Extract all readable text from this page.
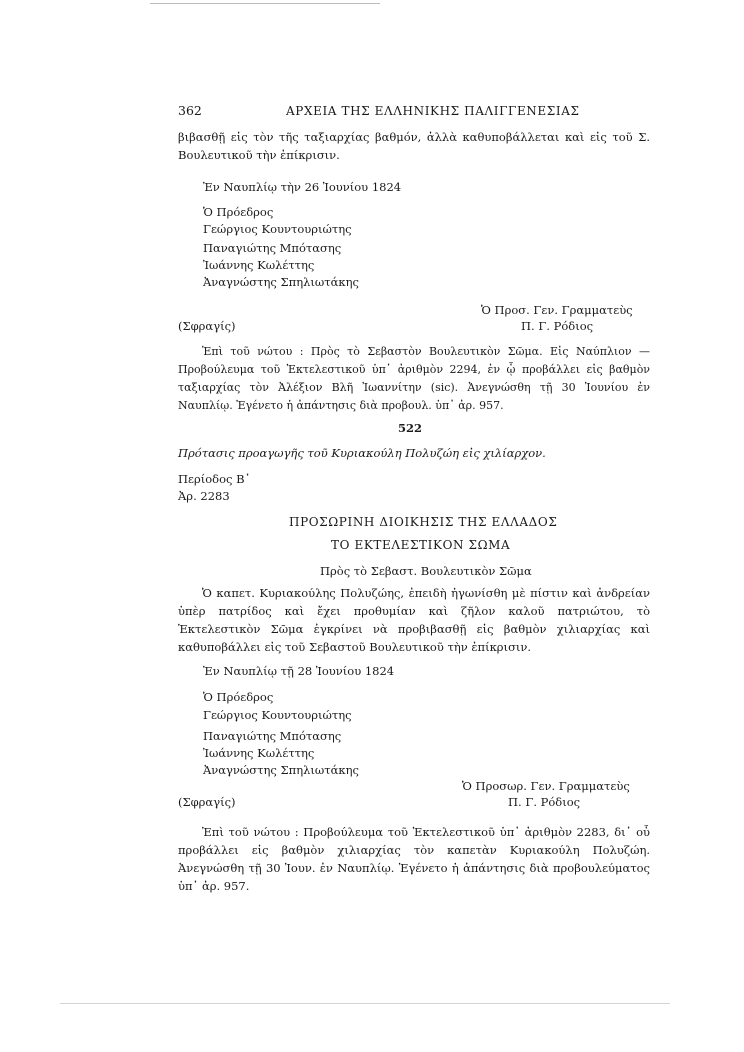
362	ΑΡΧΕΙΑ ΤΗΣ ΕΛΛΗΝΙΚΗΣ ΠΑΛΙΓΓΕΝΕΣΙΑΣ
βιβασθῇ εἰς τὸν τῆς ταξιαρχίας βαθμόν, ἀλλὰ καθυποβάλλεται καὶ εἰς τοῦ Σ. Βουλευτικοῦ τὴν ἐπίκρισιν.
Ἐν Ναυπλίῳ τὴν 26 Ἰουνίου 1824
Ὁ Πρόεδρος
Γεώργιος Κουντουριώτης
Παναγιώτης Μπότασης
Ἰωάννης Κωλέττης
Ἀναγνώστης Σπηλιωτάκης
Ὁ Προσ. Γεν. Γραμματεὺς
(Σφραγίς)	Π. Γ. Ρόδιος
Ἐπὶ τοῦ νώτου : Πρὸς τὸ Σεβαστὸν Βουλευτικὸν Σῶμα. Εἰς Ναύπλιον — Προβούλευμα τοῦ Ἐκτελεστικοῦ ὑπ᾽ ἀριθμὸν 2294, ἐν ᾧ προβάλλει εἰς βαθμὸν ταξιαρχίας τὸν Ἀλέξιον Βλῆ Ἰωαννίτην (sic). Ἀνεγνώσθη τῇ 30 Ἰουνίου ἐν Ναυπλίῳ. Ἐγένετο ἡ ἀπάντησις διὰ προβουλ. ὑπ᾽ ἀρ. 957.
522
Πρότασις προαγωγῆς τοῦ Κυριακούλη Πολυζώη εἰς χιλίαρχον.
Περίοδος Β᾽
Ἀρ. 2283
ΠΡΟΣΩΡΙΝΗ ΔΙΟΙΚΗΣΙΣ ΤΗΣ ΕΛΛΑΔΟΣ
ΤΟ ΕΚΤΕΛΕΣΤΙΚΟΝ ΣΩΜΑ
Πρὸς τὸ Σεβαστ. Βουλευτικὸν Σῶμα
Ὁ καπετ. Κυριακούλης Πολυζώης, ἐπειδὴ ἠγωνίσθη μὲ πίστιν καὶ ἀνδρείαν ὑπὲρ πατρίδος καὶ ἔχει προθυμίαν καὶ ζῆλον καλοῦ πατριώτου, τὸ Ἐκτελεστικὸν Σῶμα ἐγκρίνει νὰ προβιβασθῇ εἰς βαθμὸν χιλιαρχίας καὶ καθυποβάλλει εἰς τοῦ Σεβαστοῦ Βουλευτικοῦ τὴν ἐπίκρισιν.
Ἐν Ναυπλίῳ τῇ 28 Ἰουνίου 1824
Ὁ Πρόεδρος
Γεώργιος Κουντουριώτης
Παναγιώτης Μπότασης
Ἰωάννης Κωλέττης
Ἀναγνώστης Σπηλιωτάκης
Ὁ Προσωρ. Γεν. Γραμματεὺς
(Σφραγίς)	Π. Γ. Ρόδιος
Ἐπὶ τοῦ νώτου : Προβούλευμα τοῦ Ἐκτελεστικοῦ ὑπ᾽ ἀριθμὸν 2283, δι᾽ οὗ προβάλλει εἰς βαθμὸν χιλιαρχίας τὸν καπετὰν Κυριακούλη Πολυζώη. Ἀνεγνώσθη τῇ 30 Ἰουν. ἐν Ναυπλίῳ. Ἐγένετο ἡ ἀπάντησις διὰ προβουλεύματος ὑπ᾽ ἀρ. 957.
